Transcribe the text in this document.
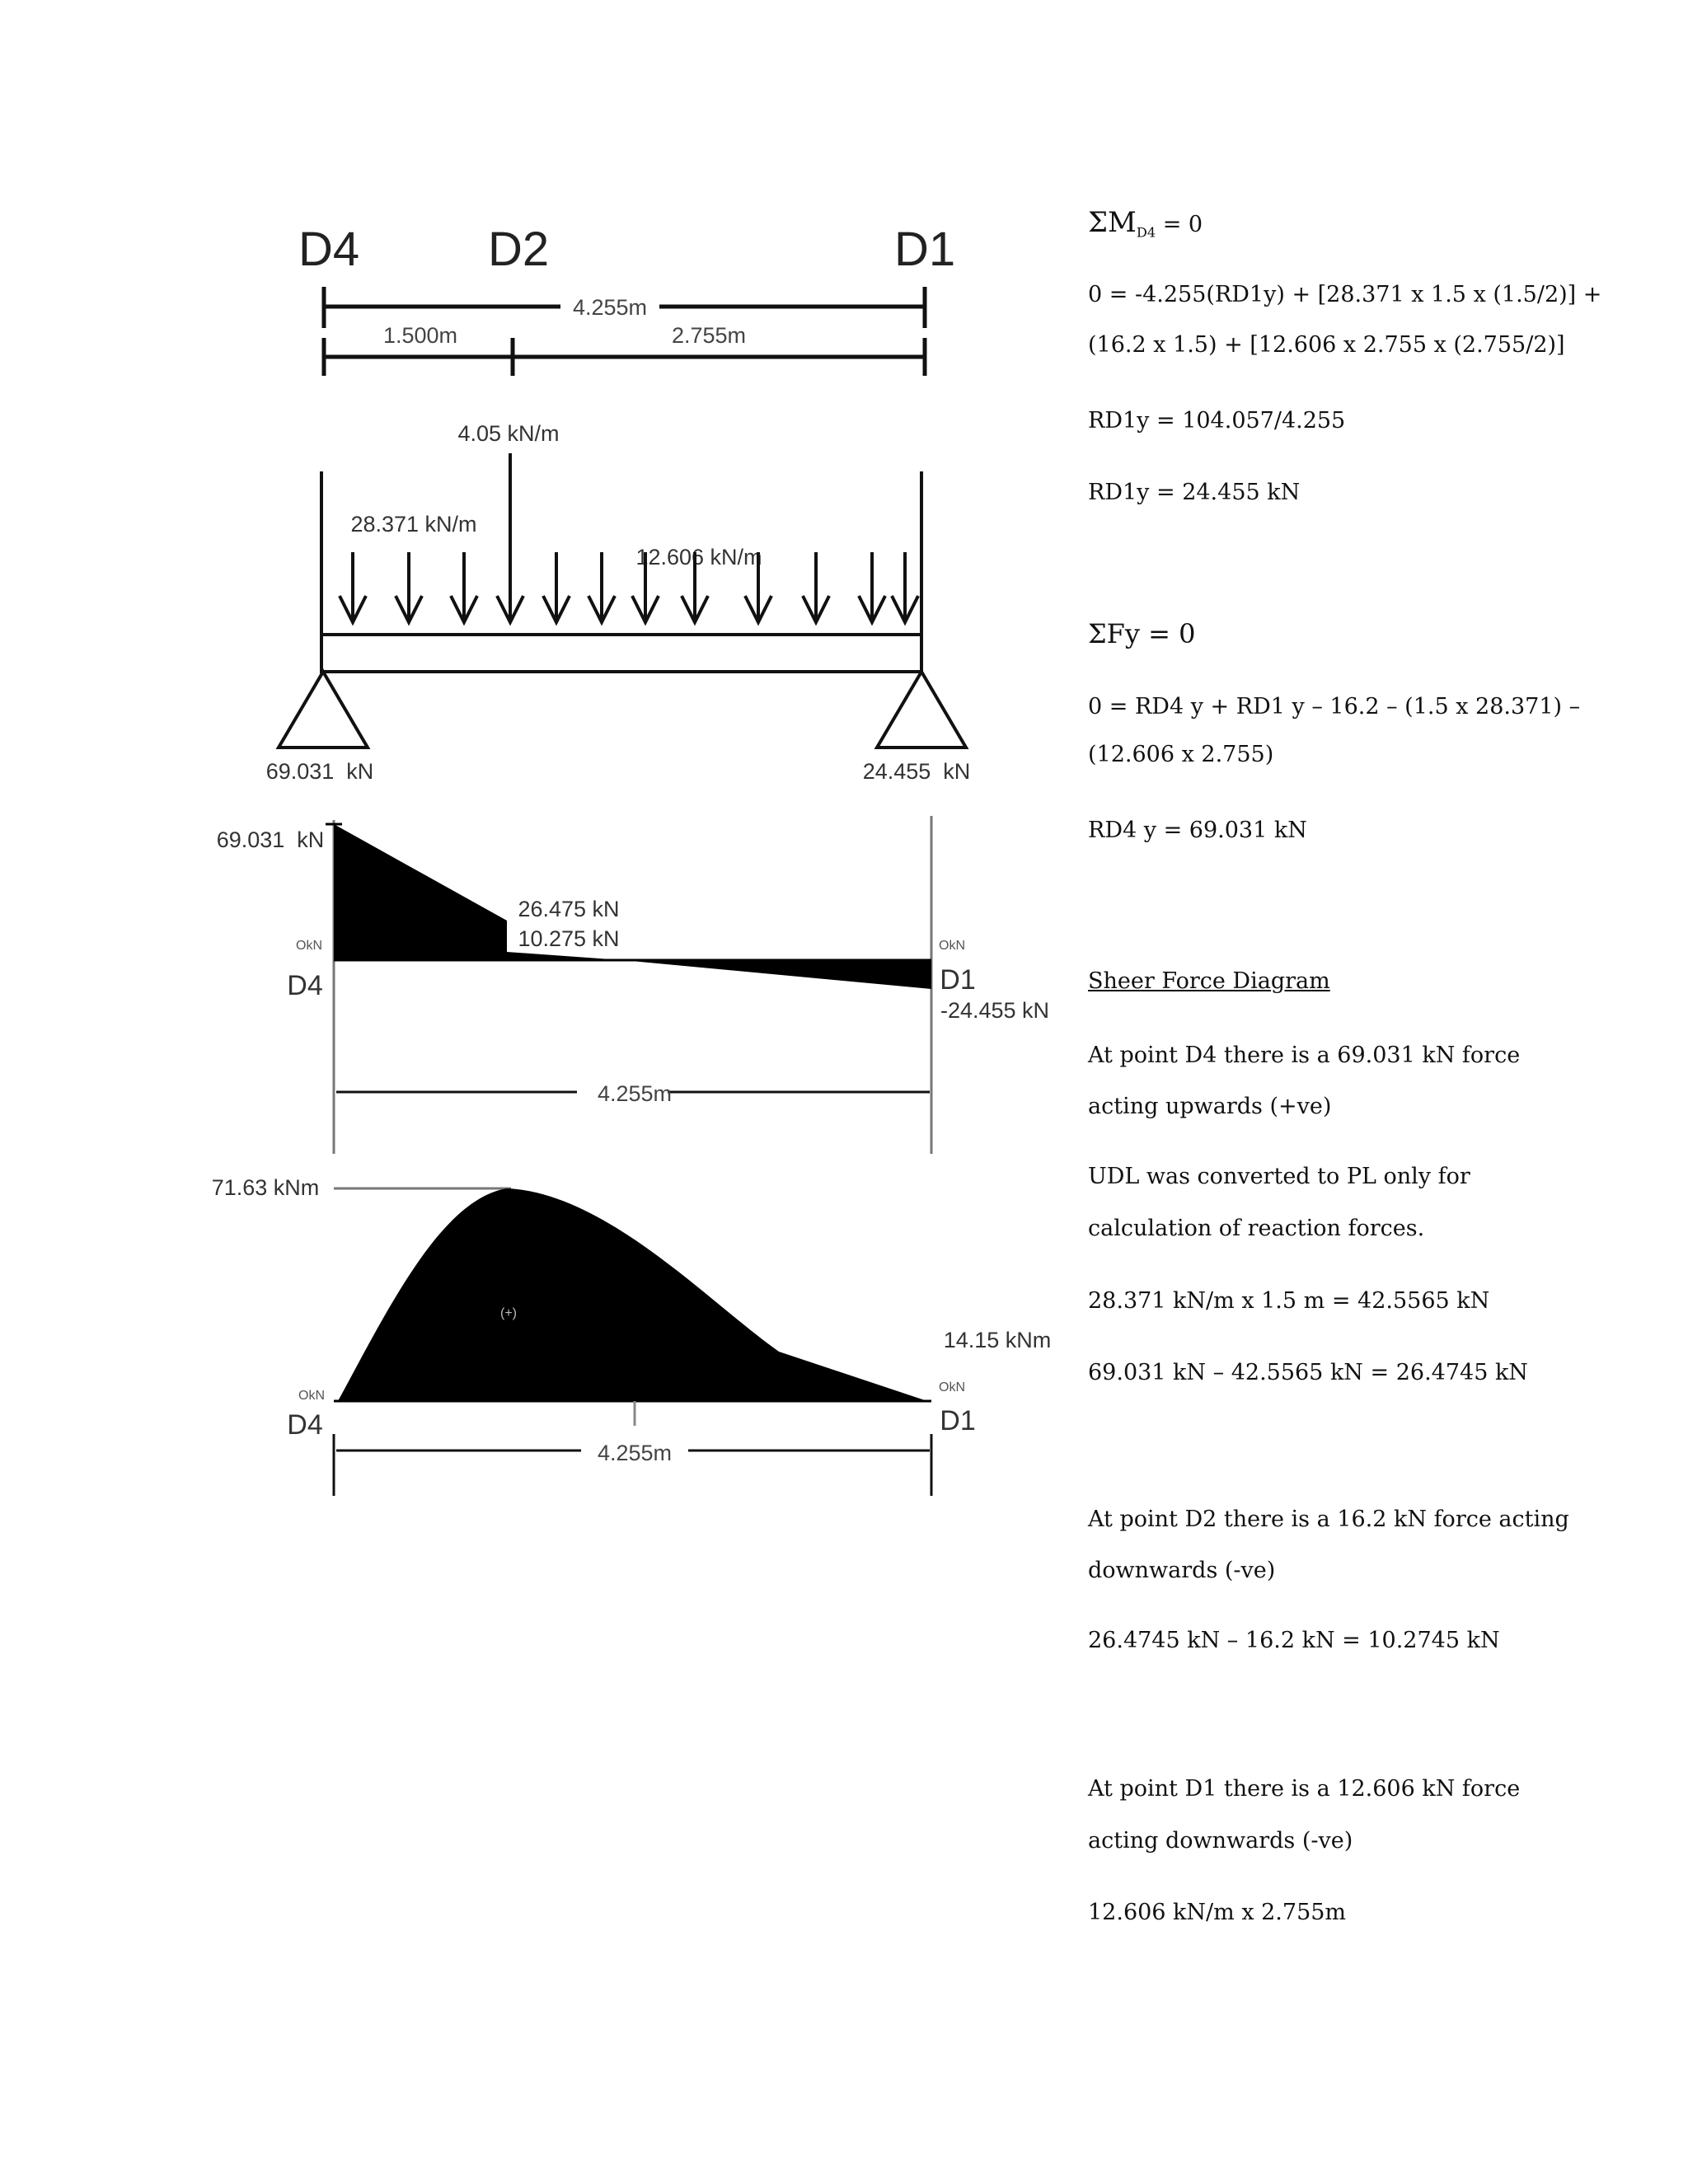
D4	D2	D1
4.255m
1.500m	2.755m
4.05 kN/m
28.371 kN/m
12.606 kN/m
69.031  kN	24.455  kN
69.031  kN
OkN
D4
26.475 kN
10.275 kN	OkN
D1
-24.455 kN
4.255m
71.63 kNm
(+)
14.15 kNm
OkN
D4
OkN
D1
4.255m
$\Sigma M_{D4} = 0$
0 = -4.255(RD1y) + [28.371 x 1.5 x (1.5/2)] +
(16.2 x 1.5) + [12.606 x 2.755 x (2.755/2)]
RD1y = 104.057/4.255
RD1y = 24.455 kN
ΣFy = 0
0 = RD4 y + RD1 y – 16.2 – (1.5 x 28.371) –
(12.606 x 2.755)
RD4 y = 69.031 kN
Sheer Force Diagram
At point D4 there is a 69.031 kN force
acting upwards (+ve)
UDL was converted to PL only for
calculation of reaction forces.
28.371 kN/m x 1.5 m = 42.5565 kN
69.031 kN – 42.5565 kN = 26.4745 kN
At point D2 there is a 16.2 kN force acting
downwards (-ve)
26.4745 kN – 16.2 kN = 10.2745 kN
At point D1 there is a 12.606 kN force
acting downwards (-ve)
12.606 kN/m x 2.755m
